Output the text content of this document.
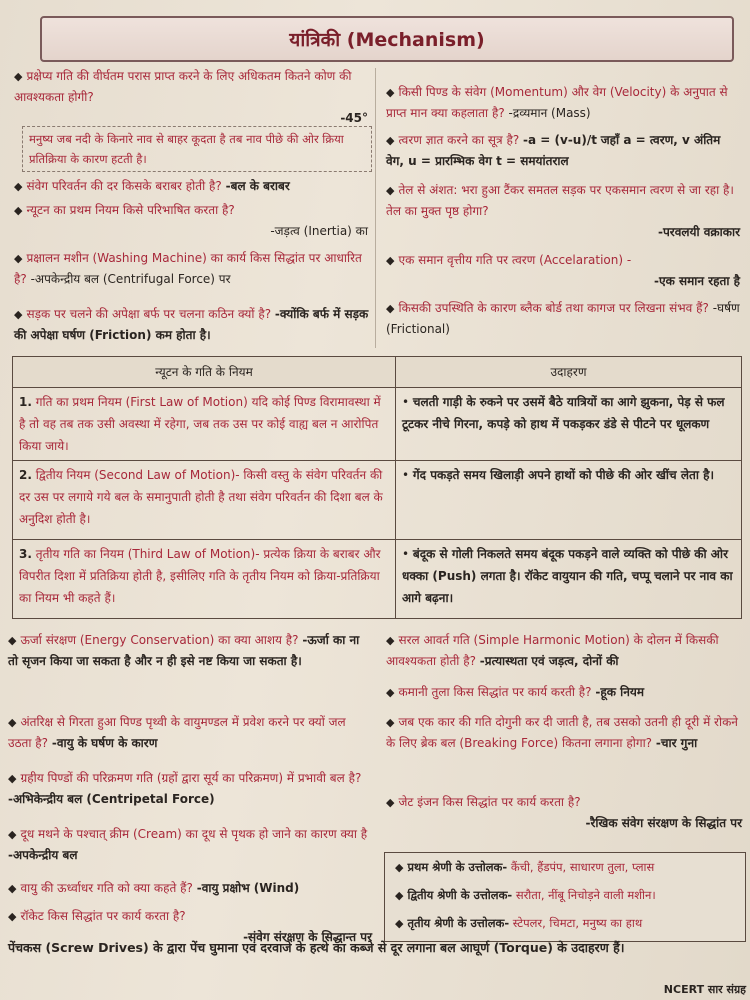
यांत्रिकी (Mechanism)
◆ प्रक्षेप्य गति की वीर्घतम परास प्राप्त करने के लिए अधिकतम कितने कोण की आवश्यकता होगी?
-45°
मनुष्य जब नदी के किनारे नाव से बाहर कूदता है तब नाव पीछे की ओर क्रिया प्रतिक्रिया के कारण हटती है।
◆ संवेग परिवर्तन की दर किसके बराबर होती है? -बल के बराबर
◆ न्यूटन का प्रथम नियम किसे परिभाषित करता है?
-जड़त्व (Inertia) का
◆ प्रक्षालन मशीन (Washing Machine) का कार्य किस सिद्धांत पर आधारित है? -अपकेन्द्रीय बल (Centrifugal Force) पर
◆ सड़क पर चलने की अपेक्षा बर्फ पर चलना कठिन क्यों है? -क्योंकि बर्फ में सड़क की अपेक्षा घर्षण (Friction) कम होता है।
◆ किसी पिण्ड के संवेग (Momentum) और वेग (Velocity) के अनुपात से प्राप्त मान क्या कहलाता है? -द्रव्यमान (Mass)
◆ त्वरण ज्ञात करने का सूत्र है? -a = (v-u)/t जहाँ a = त्वरण, v अंतिम वेग, u = प्रारम्भिक वेग t = समयांतराल
◆ तेल से अंशत: भरा हुआ टैंकर समतल सड़क पर एकसमान त्वरण से जा रहा है। तेल का मुक्त पृष्ठ होगा?
-परवलयी वक्राकार
◆ एक समान वृत्तीय गति पर त्वरण (Accelaration) -
-एक समान रहता है
◆ किसकी उपस्थिति के कारण ब्लैक बोर्ड तथा कागज पर लिखना संभव हैं? -घर्षण (Frictional)
न्यूटन के गति के नियम	उदाहरण
1. गति का प्रथम नियम (First Law of Motion) यदि कोई पिण्ड विरामावस्था में है तो वह तब तक उसी अवस्था में रहेगा, जब तक उस पर कोई वाह्य बल न आरोपित किया जाये।	• चलती गाड़ी के रुकने पर उसमें बैठे यात्रियों का आगे झुकना, पेड़ से फल टूटकर नीचे गिरना, कपड़े को हाथ में पकड़कर डंडे से पीटने पर धूलकण
2. द्वितीय नियम (Second Law of Motion)- किसी वस्तु के संवेग परिवर्तन की दर उस पर लगाये गये बल के समानुपाती होती है तथा संवेग परिवर्तन की दिशा बल के अनुदिश होती है।	• गेंद पकड़ते समय खिलाड़ी अपने हाथों को पीछे की ओर खींच लेता है।
3. तृतीय गति का नियम (Third Law of Motion)- प्रत्येक क्रिया के बराबर और विपरीत दिशा में प्रतिक्रिया होती है, इसीलिए गति के तृतीय नियम को क्रिया-प्रतिक्रिया का नियम भी कहते हैं।	• बंदूक से गोली निकलते समय बंदूक पकड़ने वाले व्यक्ति को पीछे की ओर धक्का (Push) लगता है। रॉकेट वायुयान की गति, चप्पू चलाने पर नाव का आगे बढ़ना।
◆ ऊर्जा संरक्षण (Energy Conservation) का क्या आशय है? -ऊर्जा का ना तो सृजन किया जा सकता है और न ही इसे नष्ट किया जा सकता है।
◆ अंतरिक्ष से गिरता हुआ पिण्ड पृथ्वी के वायुमण्डल में प्रवेश करने पर क्यों जल उठता है? -वायु के घर्षण के कारण
◆ ग्रहीय पिण्डों की परिक्रमण गति (ग्रहों द्वारा सूर्य का परिक्रमण) में प्रभावी बल है? -अभिकेन्द्रीय बल (Centripetal Force)
◆ दूध मथने के पश्चात् क्रीम (Cream) का दूध से पृथक हो जाने का कारण क्या है -अपकेन्द्रीय बल
◆ वायु की ऊर्ध्वाधर गति को क्या कहते हैं? -वायु प्रक्षोभ (Wind)
◆ रॉकेट किस सिद्धांत पर कार्य करता है?
-संवेग संरक्षण के सिद्धान्त पर
◆ सरल आवर्त गति (Simple Harmonic Motion) के दोलन में किसकी आवश्यकता होती है? -प्रत्यास्थता एवं जड़त्व, दोनों की
◆ कमानी तुला किस सिद्धांत पर कार्य करती है? -हूक नियम
◆ जब एक कार की गति दोगुनी कर दी जाती है, तब उसको उतनी ही दूरी में रोकने के लिए ब्रेक बल (Breaking Force) कितना लगाना होगा? -चार गुना
◆ जेट इंजन किस सिद्धांत पर कार्य करता है?
-रैखिक संवेग संरक्षण के सिद्धांत पर
◆ प्रथम श्रेणी के उत्तोलक- कैंची, हैंडपंप, साधारण तुला, प्लास
◆ द्वितीय श्रेणी के उत्तोलक- सरौता, नींबू निचोड़ने वाली मशीन।
◆ तृतीय श्रेणी के उत्तोलक- स्टेपलर, चिमटा, मनुष्य का हाथ
पेंचकस (Screw Drives) के द्वारा पेंच घुमाना एवं दरवाजे के हत्थे का कब्जे से दूर लगाना बल आघूर्ण (Torque) के उदाहरण हैं।
NCERT सार संग्रह
